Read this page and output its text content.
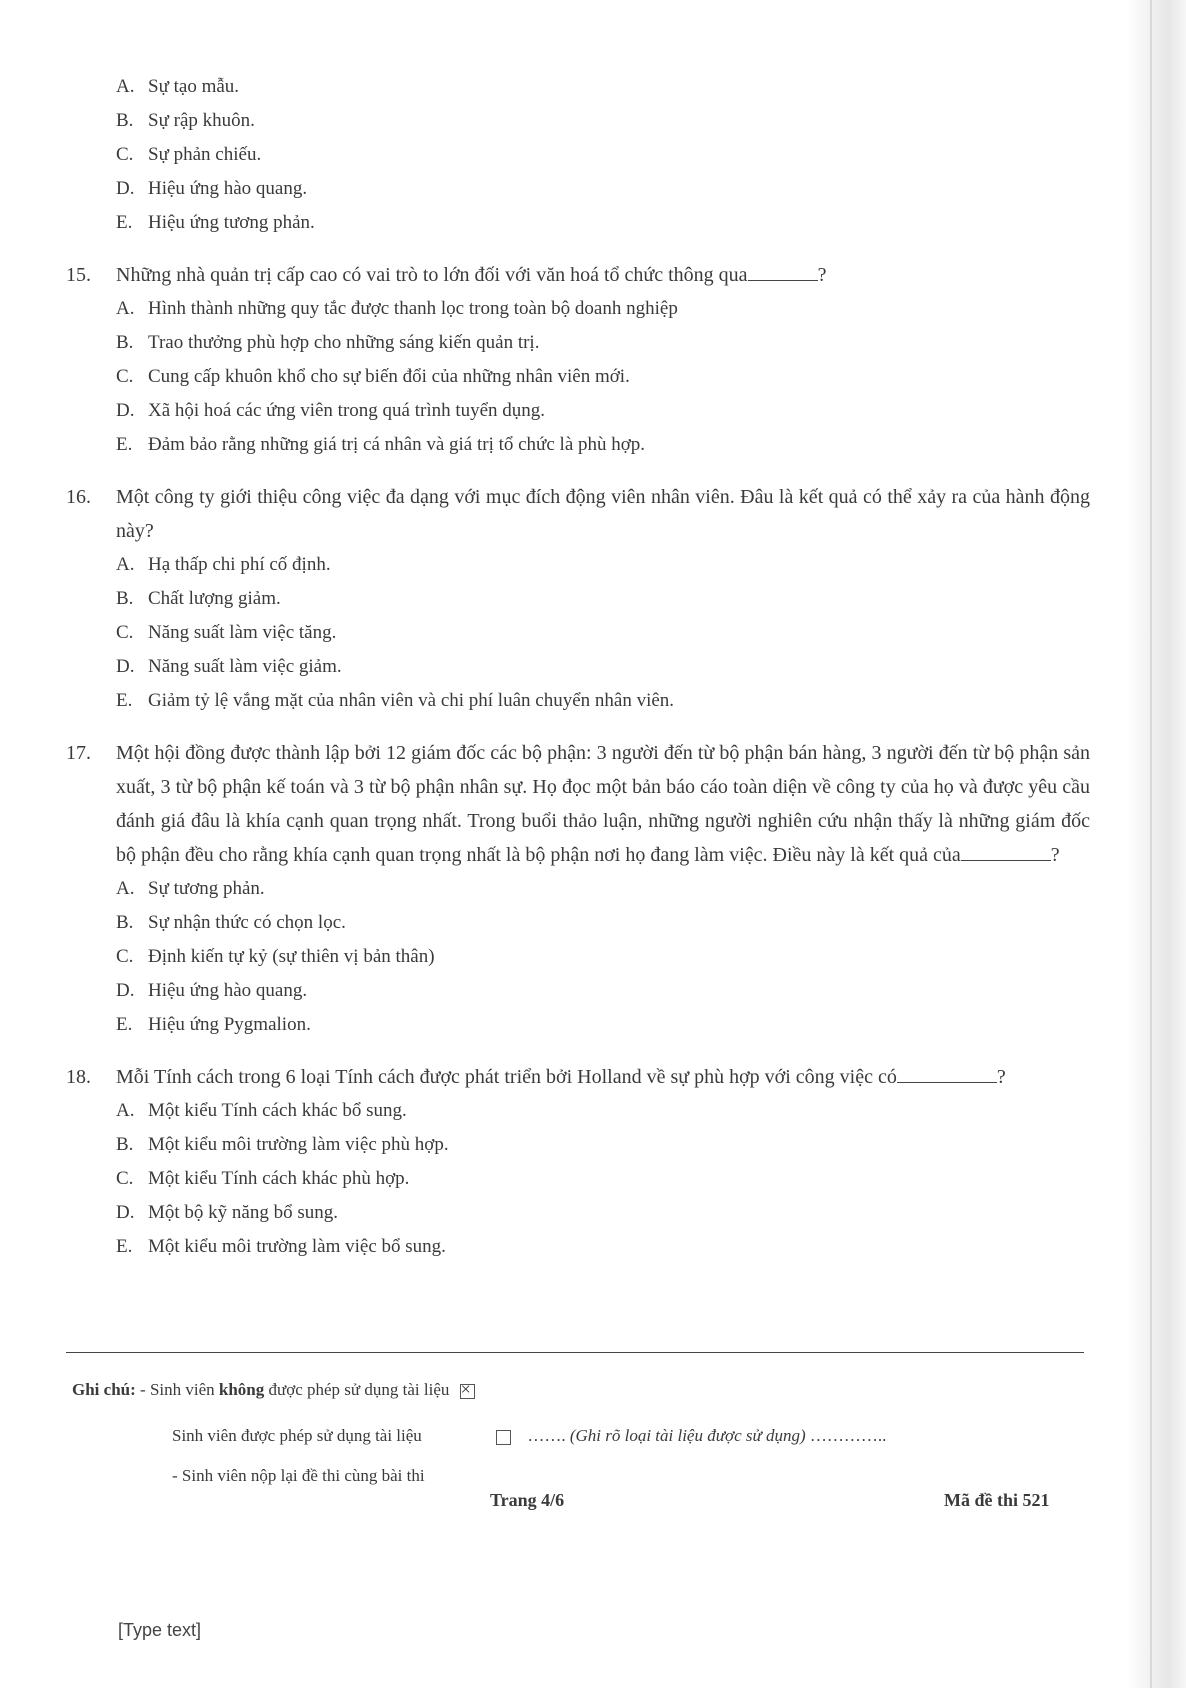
A. Sự tạo mẫu.
B. Sự rập khuôn.
C. Sự phản chiếu.
D. Hiệu ứng hào quang.
E. Hiệu ứng tương phản.
15. Những nhà quản trị cấp cao có vai trò to lớn đối với văn hoá tổ chức thông qua	?
A. Hình thành những quy tắc được thanh lọc trong toàn bộ doanh nghiệp
B. Trao thưởng phù hợp cho những sáng kiến quản trị.
C. Cung cấp khuôn khổ cho sự biến đổi của những nhân viên mới.
D. Xã hội hoá các ứng viên trong quá trình tuyển dụng.
E. Đảm bảo rằng những giá trị cá nhân và giá trị tổ chức là phù hợp.
16. Một công ty giới thiệu công việc đa dạng với mục đích động viên nhân viên. Đâu là kết quả có thể xảy ra của hành động này?
A. Hạ thấp chi phí cố định.
B. Chất lượng giảm.
C. Năng suất làm việc tăng.
D. Năng suất làm việc giảm.
E. Giảm tỷ lệ vắng mặt của nhân viên và chi phí luân chuyển nhân viên.
17. Một hội đồng được thành lập bởi 12 giám đốc các bộ phận: 3 người đến từ bộ phận bán hàng, 3 người đến từ bộ phận sản xuất, 3 từ bộ phận kế toán và 3 từ bộ phận nhân sự. Họ đọc một bản báo cáo toàn diện về công ty của họ và được yêu cầu đánh giá đâu là khía cạnh quan trọng nhất. Trong buổi thảo luận, những người nghiên cứu nhận thấy là những giám đốc bộ phận đều cho rằng khía cạnh quan trọng nhất là bộ phận nơi họ đang làm việc. Điều này là kết quả của	?
A. Sự tương phản.
B. Sự nhận thức có chọn lọc.
C. Định kiến tự kỷ (sự thiên vị bản thân)
D. Hiệu ứng hào quang.
E. Hiệu ứng Pygmalion.
18. Mỗi Tính cách trong 6 loại Tính cách được phát triển bởi Holland về sự phù hợp với công việc có	?
A. Một kiểu Tính cách khác bổ sung.
B. Một kiểu môi trường làm việc phù hợp.
C. Một kiểu Tính cách khác phù hợp.
D. Một bộ kỹ năng bổ sung.
E. Một kiểu môi trường làm việc bổ sung.
Ghi chú: - Sinh viên không được phép sử dụng tài liệu ×
Sinh viên được phép sử dụng tài liệu	……. (Ghi rõ loại tài liệu được sử dụng) …………..
- Sinh viên nộp lại đề thi cùng bài thi
Trang 4/6	Mã đề thi 521
[Type text]
